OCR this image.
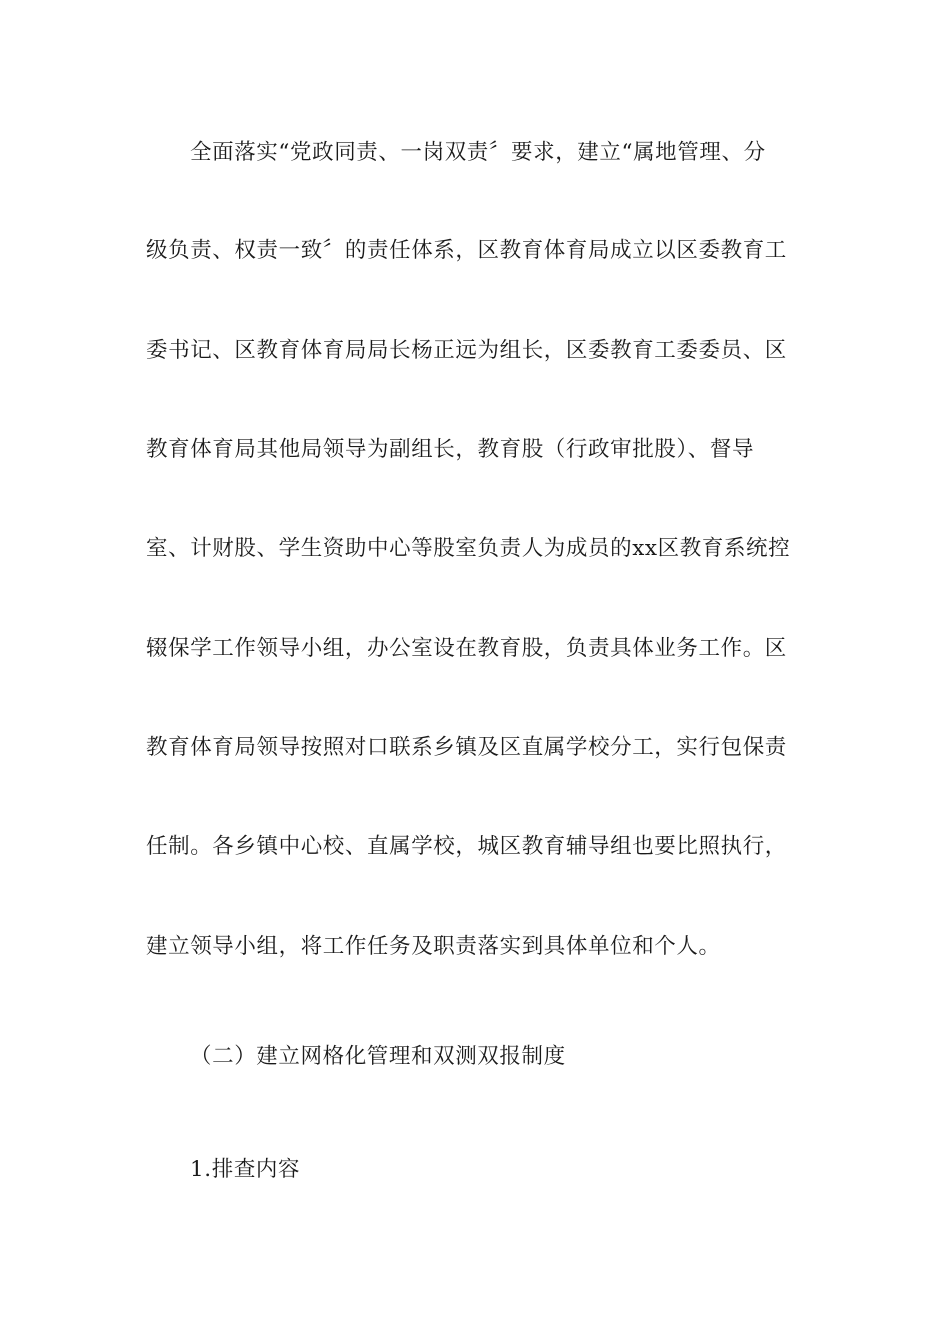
全面落实“党政同责、一岗双责〞要求，建立“属地管理、分
级负责、权责一致〞的责任体系，区教育体育局成立以区委教育工
委书记、区教育体育局局长杨正远为组长，区委教育工委委员、区
教育体育局其他局领导为副组长，教育股（行政审批股）、督导
室、计财股、学生资助中心等股室负责人为成员的xx区教育系统控
辍保学工作领导小组，办公室设在教育股，负责具体业务工作。区
教育体育局领导按照对口联系乡镇及区直属学校分工，实行包保责
任制。各乡镇中心校、直属学校，城区教育辅导组也要比照执行，
建立领导小组，将工作任务及职责落实到具体单位和个人。
（二）建立网格化管理和双测双报制度
1.排查内容
